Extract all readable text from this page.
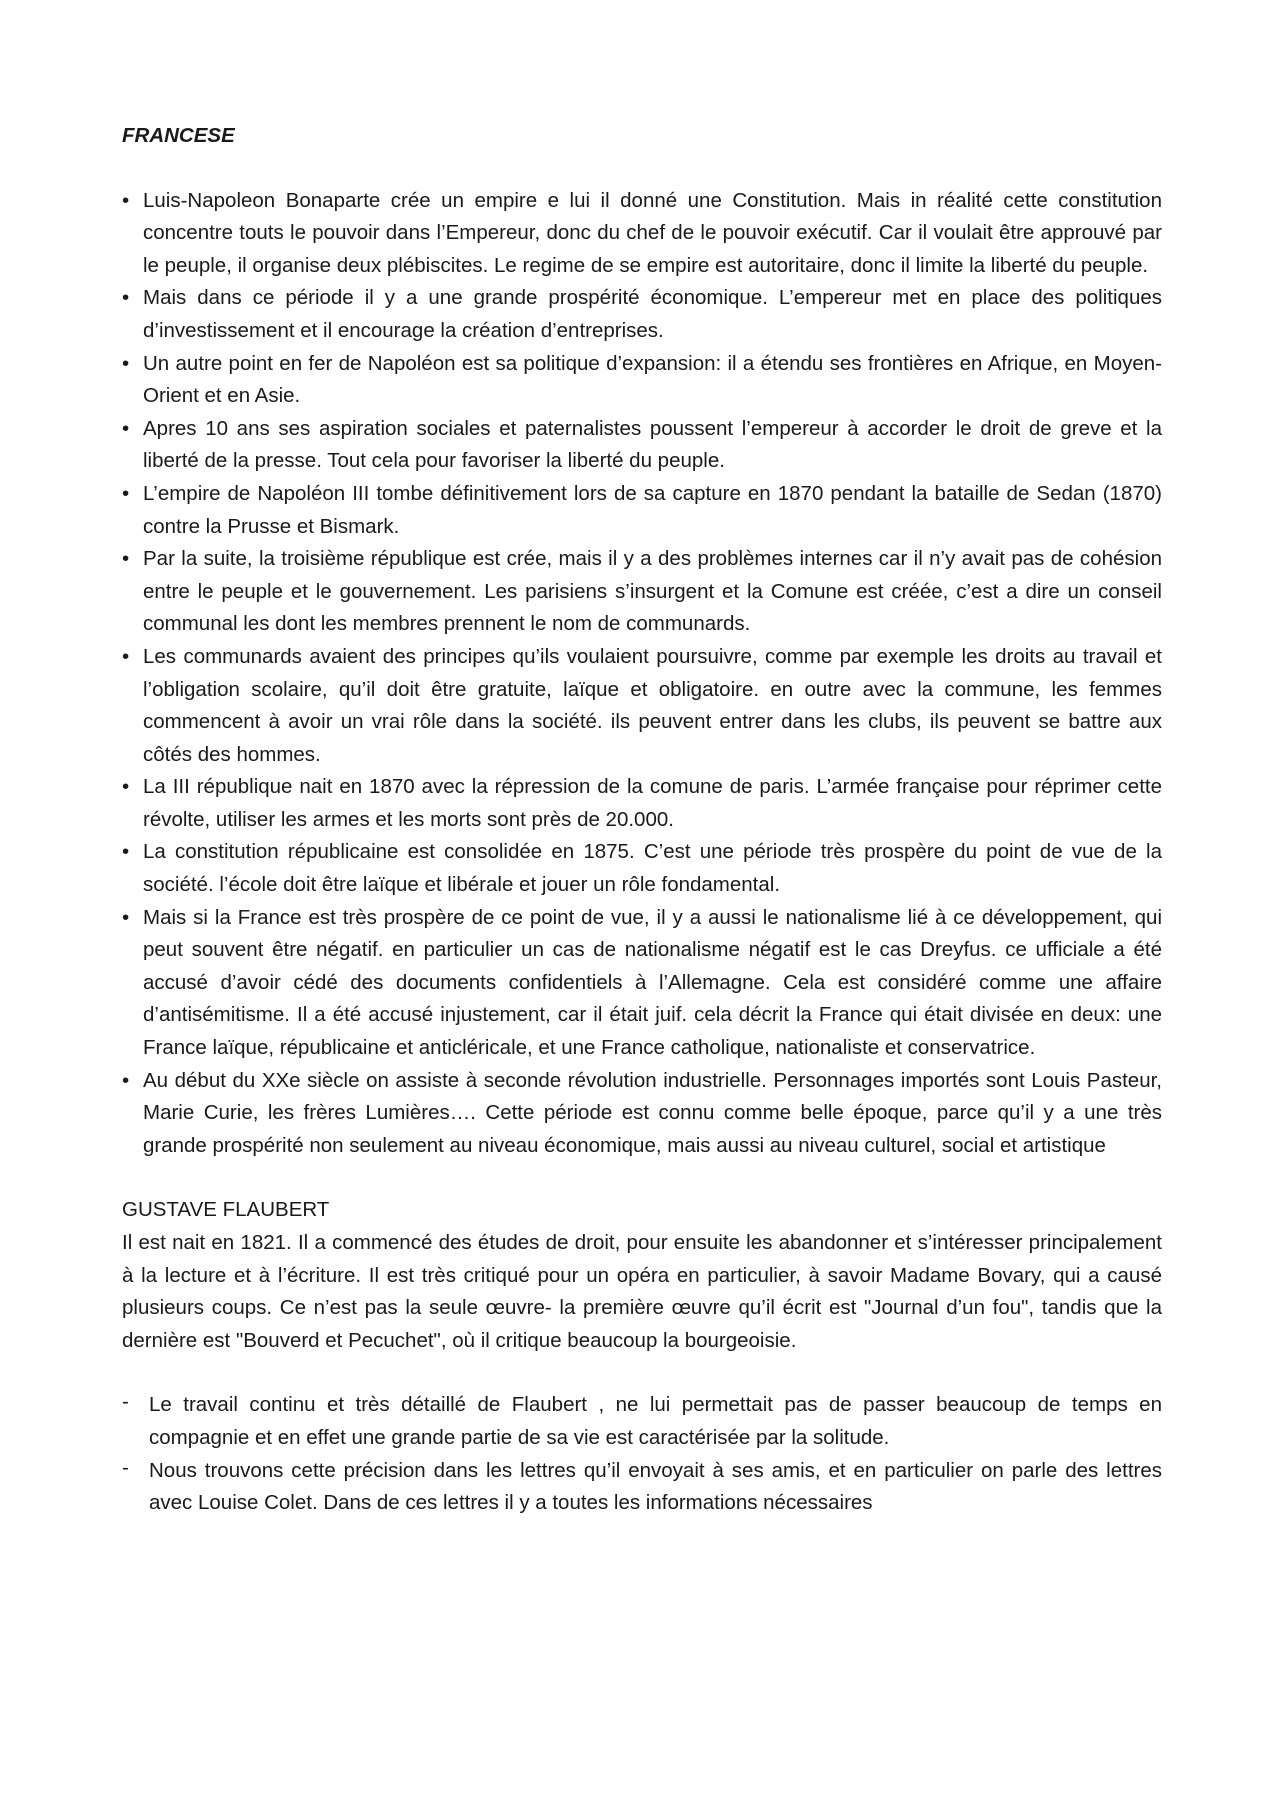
FRANCESE
• Luis-Napoleon Bonaparte crée un empire e lui il donné une Constitution. Mais in réalité cette constitution concentre touts le pouvoir dans l’Empereur, donc du chef de le pouvoir exécutif. Car il voulait être approuvé par le peuple, il organise deux plébiscites. Le regime de se empire est autoritaire, donc il limite la liberté du peuple.
• Mais dans ce période il y a une grande prospérité économique. L’empereur met en place des politiques d’investissement et il encourage la création d’entreprises.
• Un autre point en fer de Napoléon est sa politique d’expansion: il a étendu ses frontières en Afrique, en Moyen-Orient et en Asie.
• Apres 10 ans ses aspiration sociales et paternalistes poussent l’empereur à accorder le droit de greve et la liberté de la presse. Tout cela pour favoriser la liberté du peuple.
• L’empire de Napoléon III tombe définitivement lors de sa capture en 1870 pendant la bataille de Sedan (1870) contre la Prusse et Bismark.
• Par la suite, la troisième république est crée, mais il y a des problèmes internes car il n’y avait pas de cohésion entre le peuple et le gouvernement. Les parisiens s’insurgent et la Comune est créée, c’est a dire un conseil communal les dont les membres prennent le nom de communards.
• Les communards avaient des principes qu’ils voulaient poursuivre, comme par exemple les droits au travail et l’obligation scolaire, qu’il doit être gratuite, laïque et obligatoire. en outre avec la commune, les femmes commencent à avoir un vrai rôle dans la société. ils peuvent entrer dans les clubs, ils peuvent se battre aux côtés des hommes.
• La III république nait en 1870 avec la répression de la comune de paris. L’armée française pour réprimer cette révolte, utiliser les armes et les morts sont près de 20.000.
• La constitution républicaine est consolidée en 1875. C’est une période très prospère du point de vue de la société. l’école doit être laïque et libérale et jouer un rôle fondamental.
• Mais si la France est très prospère de ce point de vue, il y a aussi le nationalisme lié à ce développement, qui peut souvent être négatif. en particulier un cas de nationalisme négatif est le cas Dreyfus. ce ufficiale a été accusé d’avoir cédé des documents confidentiels à l’Allemagne. Cela est considéré comme une affaire d’antisémitisme. Il a été accusé injustement, car il était juif. cela décrit la France qui était divisée en deux: une France laïque, républicaine et anticléricale, et une France catholique, nationaliste et conservatrice.
• Au début du XXe siècle on assiste à seconde révolution industrielle. Personnages importés sont Louis Pasteur, Marie Curie, les frères Lumières…. Cette période est connu comme belle époque, parce qu’il y a une très grande prospérité non seulement au niveau économique, mais aussi au niveau culturel, social et artistique
GUSTAVE FLAUBERT

Il est nait en 1821. Il a commencé des études de droit, pour ensuite les abandonner et s’intéresser principalement à la lecture et à l’écriture. Il est très critiqué pour un opéra en particulier, à savoir Madame Bovary, qui a causé plusieurs coups. Ce n’est pas la seule œuvre- la première œuvre qu’il écrit est "Journal d’un fou", tandis que la dernière est "Bouverd et Pecuchet", où il critique beaucoup la bourgeoisie.

- Le travail continu et très détaillé de Flaubert , ne lui permettait pas de passer beaucoup de temps en compagnie et en effet une grande partie de sa vie est caractérisée par la solitude.
- Nous trouvons cette précision dans les lettres qu’il envoyait à ses amis, et en particulier on parle des lettres avec Louise Colet. Dans de ces lettres il y a toutes les informations nécessaires
